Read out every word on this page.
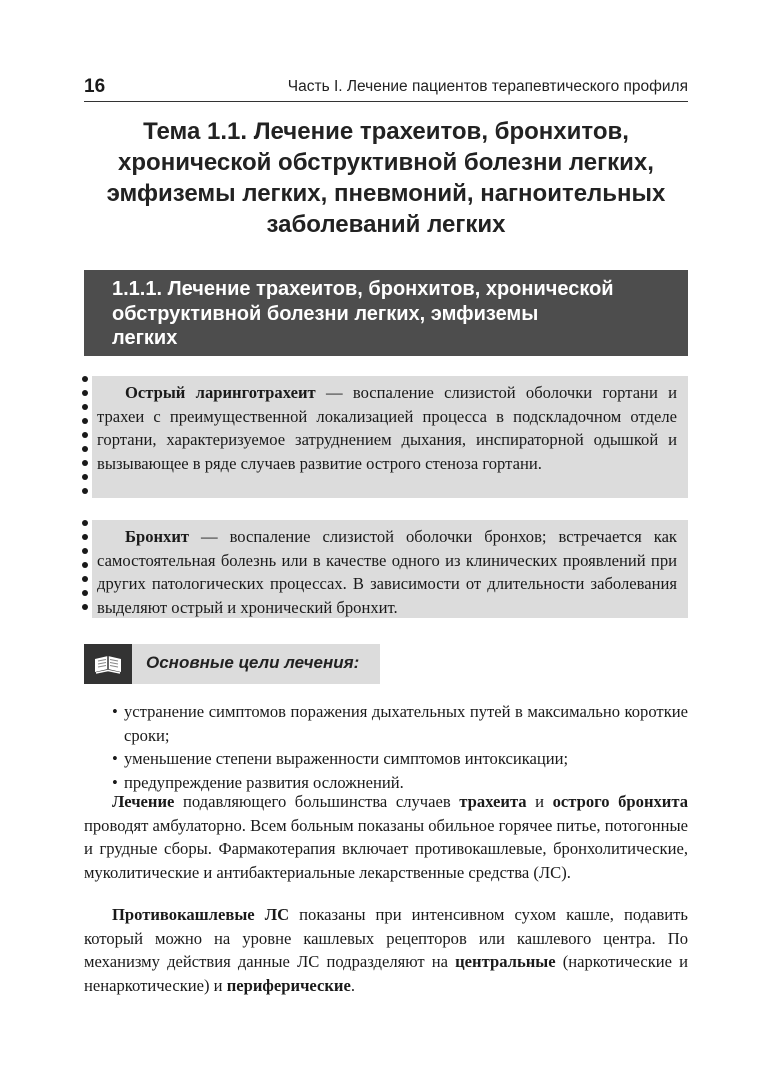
16	Часть I. Лечение пациентов терапевтического профиля
Тема 1.1. Лечение трахеитов, бронхитов,
хронической обструктивной болезни легких,
эмфиземы легких, пневмоний, нагноительных
заболеваний легких
1.1.1. Лечение трахеитов, бронхитов, хронической
обструктивной болезни легких, эмфиземы
легких

Острый ларинготрахеит — воспаление слизистой оболочки гортани и трахеи с преимущественной локализацией процесса в подскладочном отделе гортани, характеризуемое затруднением дыхания, инспираторной одышкой и вызывающее в ряде случаев развитие острого стеноза гортани.

Бронхит — воспаление слизистой оболочки бронхов; встречается как самостоятельная болезнь или в качестве одного из клинических проявлений при других патологических процессах. В зависимости от длительности заболевания выделяют острый и хронический бронхит.

Основные цели лечения:
• устранение симптомов поражения дыхательных путей в максимально короткие сроки;
• уменьшение степени выраженности симптомов интоксикации;
• предупреждение развития осложнений.

Лечение подавляющего большинства случаев трахеита и острого бронхита проводят амбулаторно. Всем больным показаны обильное горячее питье, потогонные и грудные сборы. Фармакотерапия включает противокашлевые, бронхолитические, муколитические и антибактериальные лекарственные средства (ЛС).

Противокашлевые ЛС показаны при интенсивном сухом кашле, подавить который можно на уровне кашлевых рецепторов или кашлевого центра. По механизму действия данные ЛС подразделяют на центральные (наркотические и ненаркотические) и периферические.
